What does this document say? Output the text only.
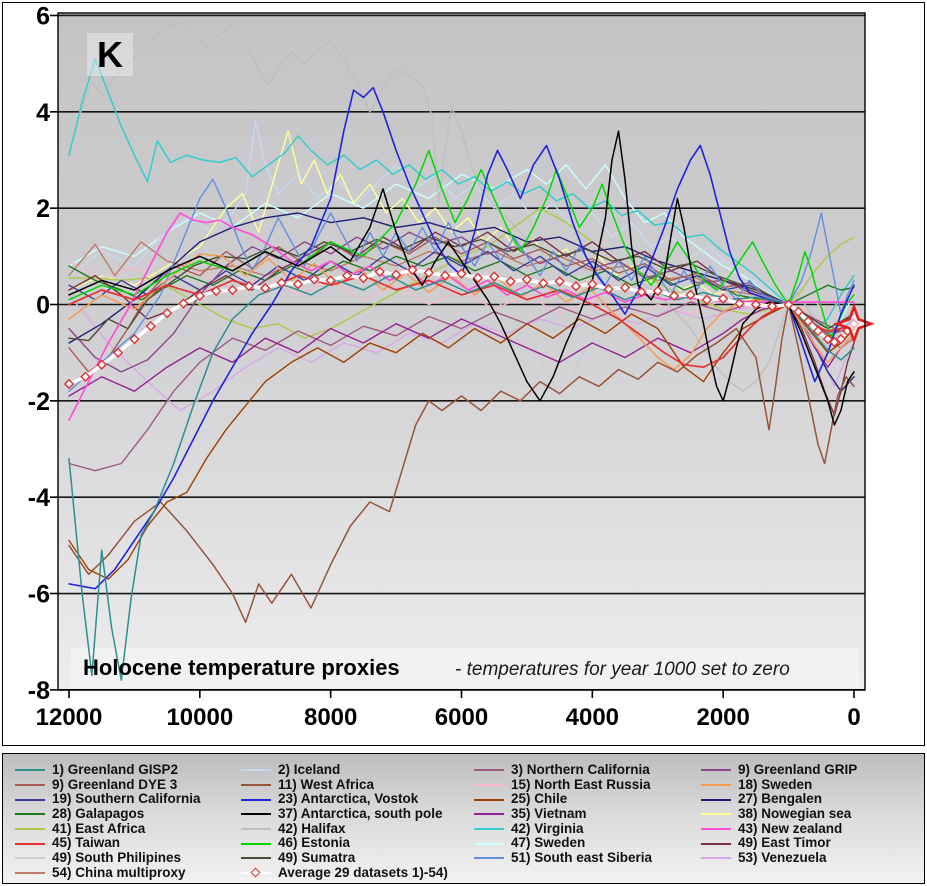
12000	10000	8000	6000	4000	2000	0
6
4
2
0
-2
-4
-6
-8
K
Holocene temperature proxies	- temperatures for year 1000 set to zero
1) Greenland GISP2
9) Greenland DYE 3
19) Southern California
28) Galapagos
41) East Africa
45) Taiwan
49) South Philipines
54) China multiproxy
2) Iceland
11) West Africa
23) Antarctica, Vostok
37) Antarctica, south pole
42) Halifax
46) Estonia
49) Sumatra
Average 29 datasets 1)-54)
3) Northern California
15) North East Russia
25) Chile
35) Vietnam
42) Virginia
47) Sweden
51) South east Siberia
9) Greenland GRIP
18) Sweden
27) Bengalen
38) Nowegian sea
43) New zealand
49) East Timor
53) Venezuela
